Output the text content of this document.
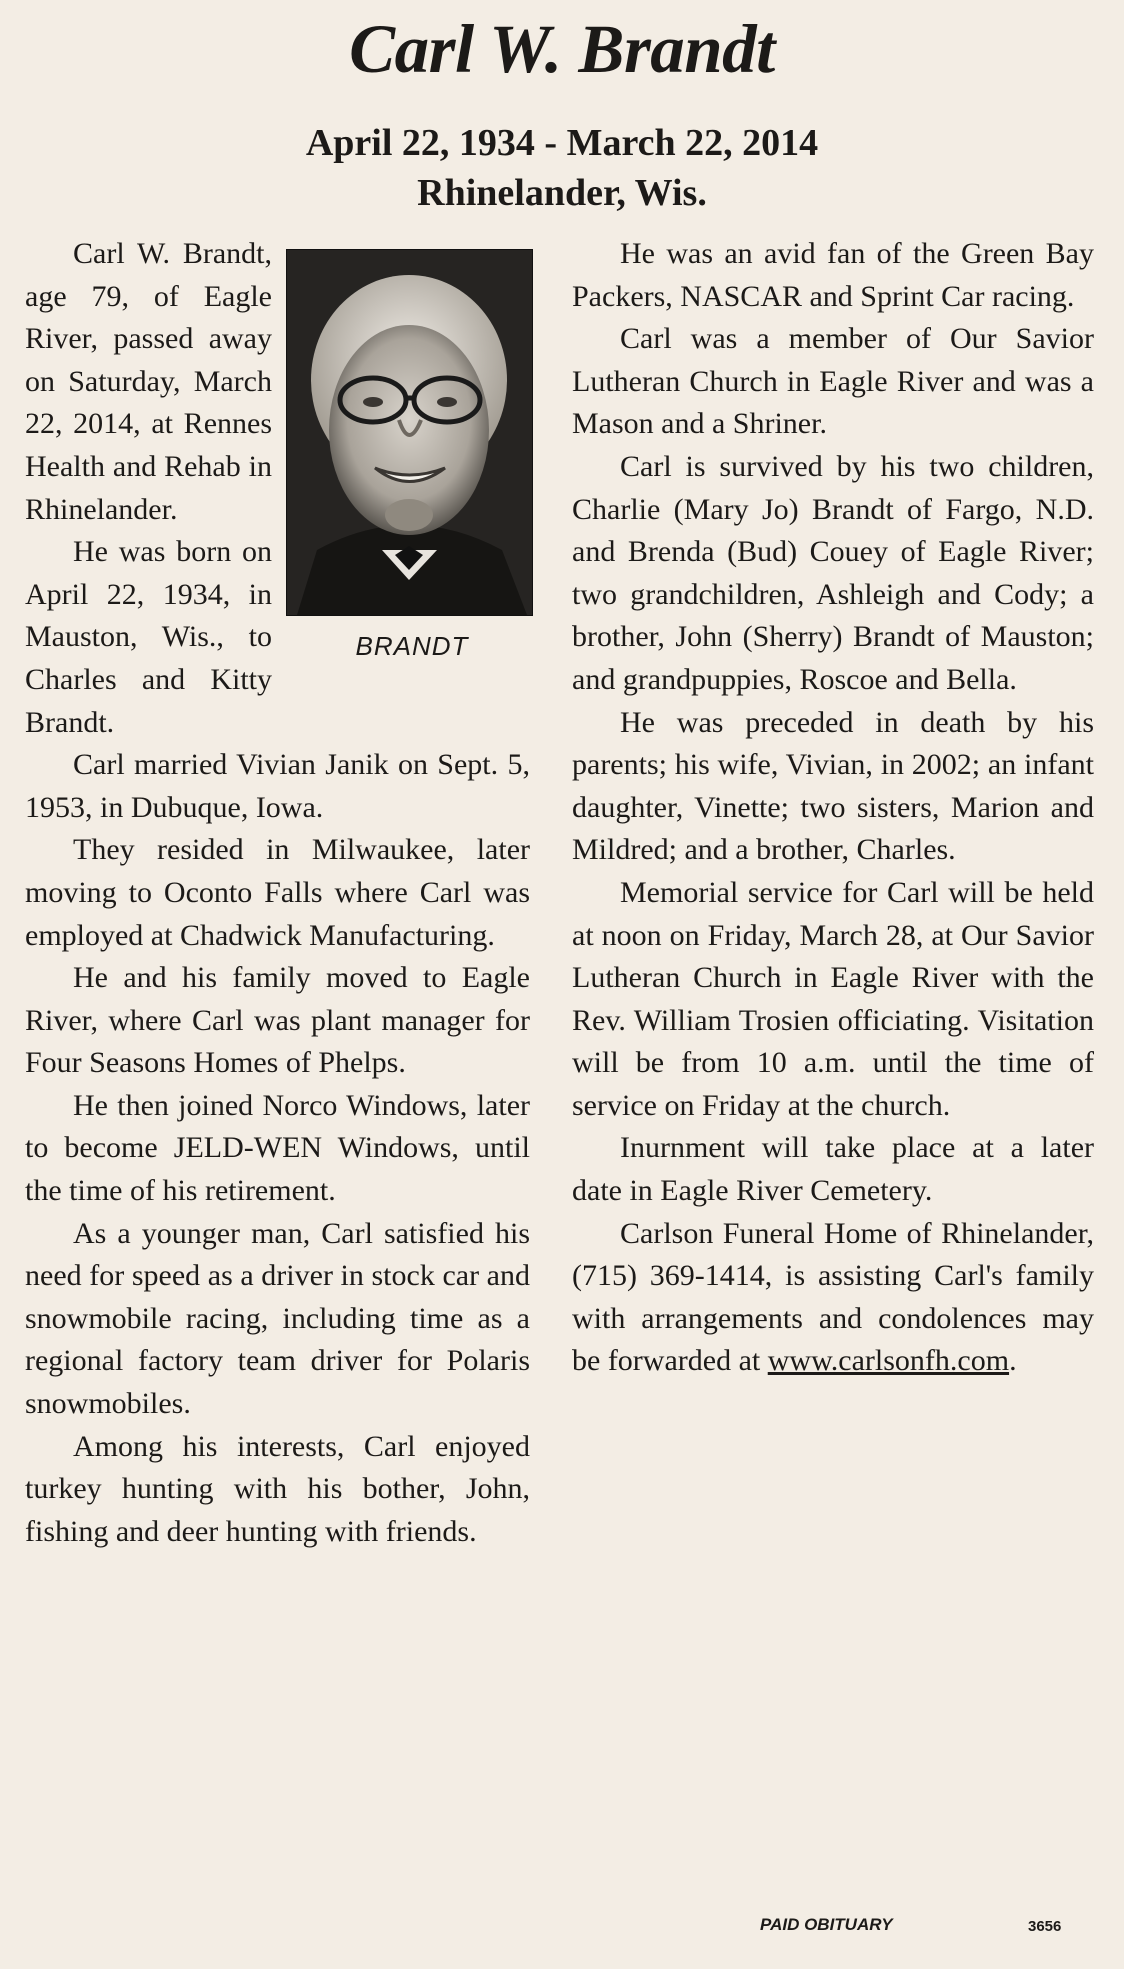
Carl W. Brandt
April 22, 1934 - March 22, 2014
Rhinelander, Wis.

BRANDT
Carl W. Brandt, age 79, of Eagle River, passed away on Saturday, March 22, 2014, at Rennes Health and Rehab in Rhinelander.

He was born on April 22, 1934, in Mauston, Wis., to Charles and Kitty Brandt.

Carl married Vivian Janik on Sept. 5, 1953, in Dubuque, Iowa.

They resided in Milwaukee, later moving to Oconto Falls where Carl was employed at Chadwick Manufacturing.

He and his family moved to Eagle River, where Carl was plant manager for Four Seasons Homes of Phelps.

He then joined Norco Windows, later to become JELD-WEN Windows, until the time of his retirement.

As a younger man, Carl satisfied his need for speed as a driver in stock car and snowmobile racing, including time as a regional factory team driver for Polaris snowmobiles.

Among his interests, Carl enjoyed turkey hunting with his bother, John, fishing and deer hunting with friends.

He was an avid fan of the Green Bay Packers, NASCAR and Sprint Car racing.

Carl was a member of Our Savior Lutheran Church in Eagle River and was a Mason and a Shriner.

Carl is survived by his two children, Charlie (Mary Jo) Brandt of Fargo, N.D. and Brenda (Bud) Couey of Eagle River; two grandchildren, Ashleigh and Cody; a brother, John (Sherry) Brandt of Mauston; and grandpuppies, Roscoe and Bella.

He was preceded in death by his parents; his wife, Vivian, in 2002; an infant daughter, Vinette; two sisters, Marion and Mildred; and a brother, Charles.

Memorial service for Carl will be held at noon on Friday, March 28, at Our Savior Lutheran Church in Eagle River with the Rev. William Trosien officiating. Visitation will be from 10 a.m. until the time of service on Friday at the church.

Inurnment will take place at a later date in Eagle River Cemetery.

Carlson Funeral Home of Rhinelander, (715) 369-1414, is assisting Carl's family with arrangements and condolences may be forwarded at www.carlsonfh.com.

PAID OBITUARY	3656
